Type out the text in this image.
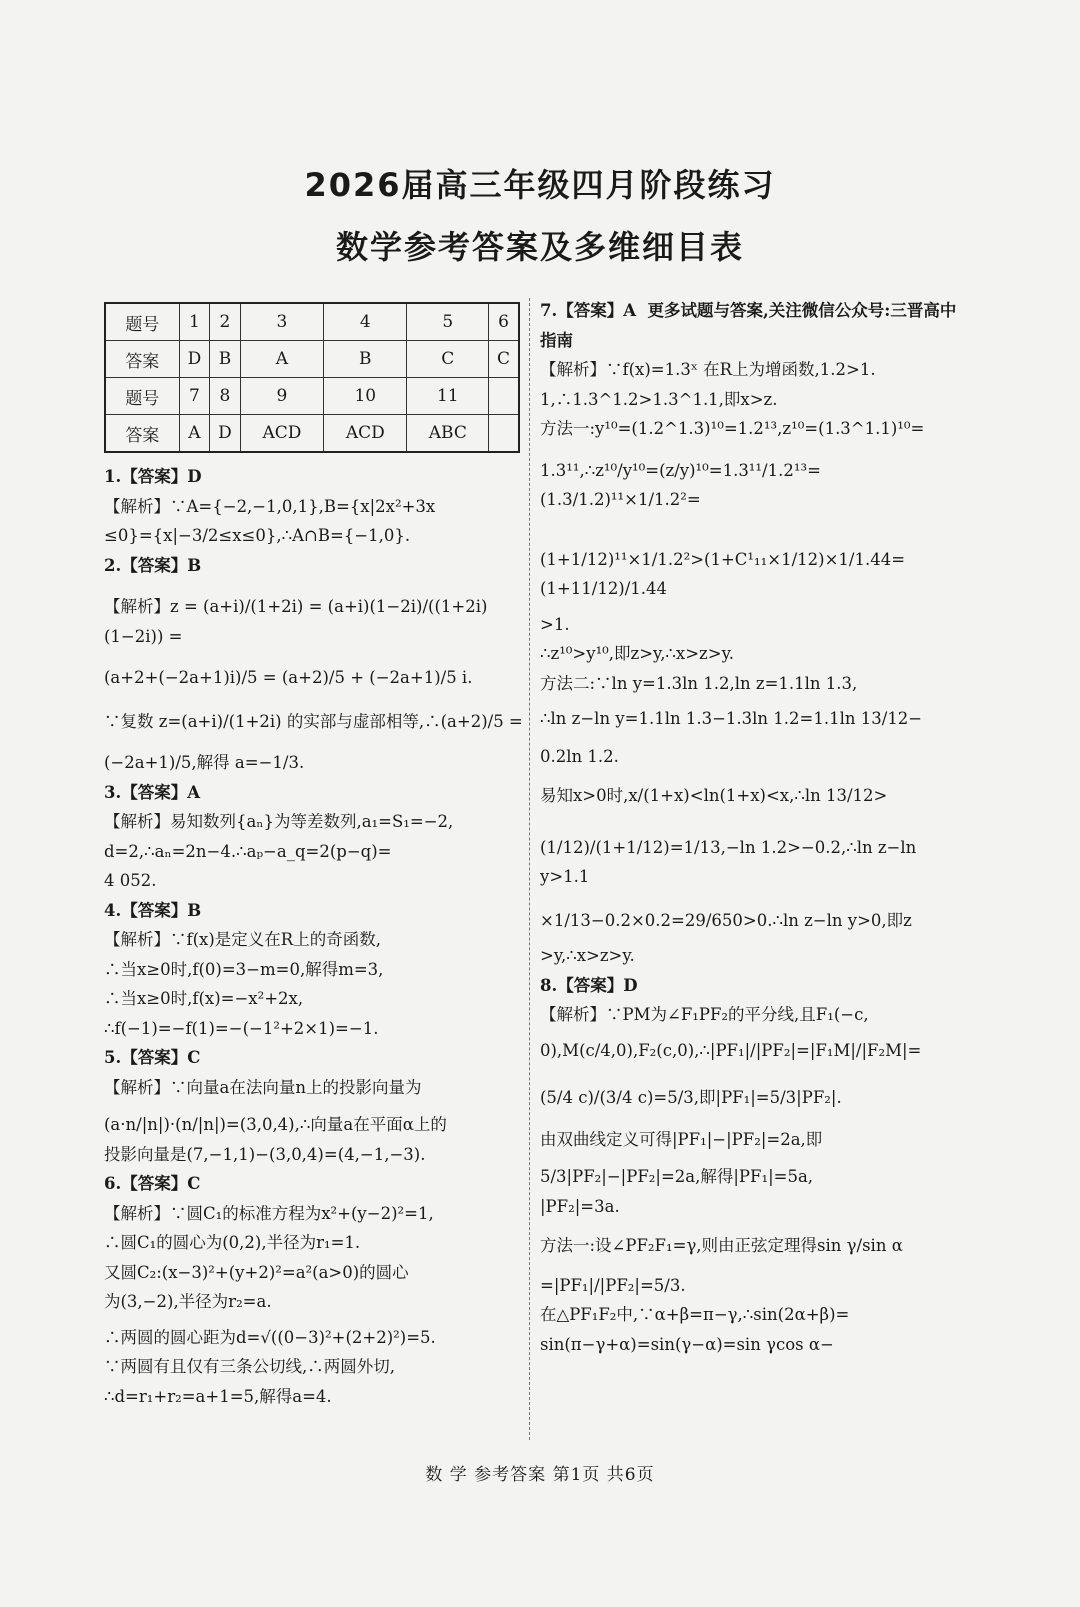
2026届高三年级四月阶段练习
数学参考答案及多维细目表
题号	1	2	3	4	5	6
答案	D	B	A	B	C	C
题号	7	8	9	10	11	
答案	A	D	ACD	ACD	ABC	
1.【答案】D
【解析】∵A={−2,−1,0,1},B={x|2x²+3x
≤0}={x|−3/2≤x≤0},∴A∩B={−1,0}.
2.【答案】B
【解析】z = (a+i)/(1+2i) = (a+i)(1−2i)/((1+2i)(1−2i)) =
(a+2+(−2a+1)i)/5 = (a+2)/5 + (−2a+1)/5 i.
∵复数 z=(a+i)/(1+2i) 的实部与虚部相等,∴(a+2)/5 =
(−2a+1)/5,解得 a=−1/3.
3.【答案】A
【解析】易知数列{aₙ}为等差数列,a₁=S₁=−2,
d=2,∴aₙ=2n−4.∴aₚ−a_q=2(p−q)=
4 052.
4.【答案】B
【解析】∵f(x)是定义在R上的奇函数,
∴当x≥0时,f(0)=3−m=0,解得m=3,
∴当x≥0时,f(x)=−x²+2x,
∴f(−1)=−f(1)=−(−1²+2×1)=−1.
5.【答案】C
【解析】∵向量a在法向量n上的投影向量为
(a·n/|n|)·(n/|n|)=(3,0,4),∴向量a在平面α上的
投影向量是(7,−1,1)−(3,0,4)=(4,−1,−3).
6.【答案】C
【解析】∵圆C₁的标准方程为x²+(y−2)²=1,
∴圆C₁的圆心为(0,2),半径为r₁=1.
又圆C₂:(x−3)²+(y+2)²=a²(a>0)的圆心
为(3,−2),半径为r₂=a.
∴两圆的圆心距为d=√((0−3)²+(2+2)²)=5.
∵两圆有且仅有三条公切线,∴两圆外切,
∴d=r₁+r₂=a+1=5,解得a=4.
7.【答案】A  更多试题与答案,关注微信公众号:三晋高中指南
【解析】∵f(x)=1.3ˣ 在R上为增函数,1.2>1.
1,∴1.3^1.2>1.3^1.1,即x>z.
方法一:y¹⁰=(1.2^1.3)¹⁰=1.2¹³,z¹⁰=(1.3^1.1)¹⁰=
1.3¹¹,∴z¹⁰/y¹⁰=(z/y)¹⁰=1.3¹¹/1.2¹³=(1.3/1.2)¹¹×1/1.2²=
(1+1/12)¹¹×1/1.2²>(1+C¹₁₁×1/12)×1/1.44=(1+11/12)/1.44
>1.
∴z¹⁰>y¹⁰,即z>y,∴x>z>y.
方法二:∵ln y=1.3ln 1.2,ln z=1.1ln 1.3,
∴ln z−ln y=1.1ln 1.3−1.3ln 1.2=1.1ln 13/12−
0.2ln 1.2.
易知x>0时,x/(1+x)<ln(1+x)<x,∴ln 13/12>
(1/12)/(1+1/12)=1/13,−ln 1.2>−0.2,∴ln z−ln y>1.1
×1/13−0.2×0.2=29/650>0.∴ln z−ln y>0,即z
>y,∴x>z>y.
8.【答案】D
【解析】∵PM为∠F₁PF₂的平分线,且F₁(−c,
0),M(c/4,0),F₂(c,0),∴|PF₁|/|PF₂|=|F₁M|/|F₂M|=
(5/4 c)/(3/4 c)=5/3,即|PF₁|=5/3|PF₂|.
由双曲线定义可得|PF₁|−|PF₂|=2a,即
5/3|PF₂|−|PF₂|=2a,解得|PF₁|=5a,
|PF₂|=3a.
方法一:设∠PF₂F₁=γ,则由正弦定理得sin γ/sin α
=|PF₁|/|PF₂|=5/3.
在△PF₁F₂中,∵α+β=π−γ,∴sin(2α+β)=
sin(π−γ+α)=sin(γ−α)=sin γcos α−
数 学 参考答案 第1页 共6页
